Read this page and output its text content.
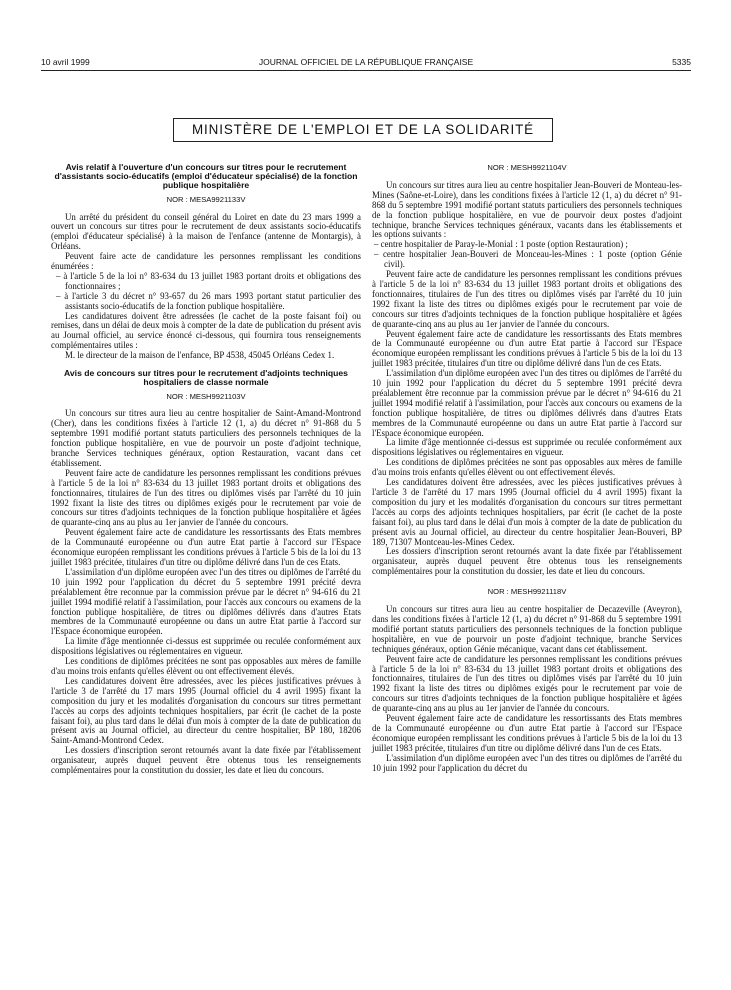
10 avril 1999	JOURNAL OFFICIEL DE LA RÉPUBLIQUE FRANÇAISE	5335
MINISTÈRE DE L'EMPLOI ET DE LA SOLIDARITÉ

Avis relatif à l'ouverture d'un concours sur titres pour le recrutement d'assistants socio-éducatifs (emploi d'éducateur spécialisé) de la fonction publique hospitalière

NOR : MESA9921133V

Un arrêté du président du conseil général du Loiret en date du 23 mars 1999 a ouvert un concours sur titres pour le recrutement de deux assistants socio-éducatifs (emploi d'éducateur spécialisé) à la maison de l'enfance (antenne de Montargis), à Orléans.

Peuvent faire acte de candidature les personnes remplissant les conditions énumérées :

– à l'article 5 de la loi n° 83-634 du 13 juillet 1983 portant droits et obligations des fonctionnaires ;

– à l'article 3 du décret n° 93-657 du 26 mars 1993 portant statut particulier des assistants socio-éducatifs de la fonction publique hospitalière.

Les candidatures doivent être adressées (le cachet de la poste faisant foi) ou remises, dans un délai de deux mois à compter de la date de publication du présent avis au Journal officiel, au service énoncé ci-dessous, qui fournira tous renseignements complémentaires utiles :

M. le directeur de la maison de l'enfance, BP 4538, 45045 Orléans Cedex 1.

Avis de concours sur titres pour le recrutement d'adjoints techniques hospitaliers de classe normale

NOR : MESH9921103V

Un concours sur titres aura lieu au centre hospitalier de Saint-Amand-Montrond (Cher), dans les conditions fixées à l'article 12 (1, a) du décret n° 91-868 du 5 septembre 1991 modifié portant statuts particuliers des personnels techniques de la fonction publique hospitalière, en vue de pourvoir un poste d'adjoint technique, branche Services techniques généraux, option Restauration, vacant dans cet établissement.

Peuvent faire acte de candidature les personnes remplissant les conditions prévues à l'article 5 de la loi n° 83-634 du 13 juillet 1983 portant droits et obligations des fonctionnaires, titulaires de l'un des titres ou diplômes visés par l'arrêté du 10 juin 1992 fixant la liste des titres ou diplômes exigés pour le recrutement par voie de concours sur titres d'adjoints techniques de la fonction publique hospitalière et âgées de quarante-cinq ans au plus au 1er janvier de l'année du concours.

Peuvent également faire acte de candidature les ressortissants des Etats membres de la Communauté européenne ou d'un autre Etat partie à l'accord sur l'Espace économique européen remplissant les conditions prévues à l'article 5 bis de la loi du 13 juillet 1983 précitée, titulaires d'un titre ou diplôme délivré dans l'un de ces Etats.

L'assimilation d'un diplôme européen avec l'un des titres ou diplômes de l'arrêté du 10 juin 1992 pour l'application du décret du 5 septembre 1991 précité devra préalablement être reconnue par la commission prévue par le décret n° 94-616 du 21 juillet 1994 modifié relatif à l'assimilation, pour l'accès aux concours ou examens de la fonction publique hospitalière, de titres ou diplômes délivrés dans d'autres Etats membres de la Communauté européenne ou dans un autre Etat partie à l'accord sur l'Espace économique européen.

La limite d'âge mentionnée ci-dessus est supprimée ou reculée conformément aux dispositions législatives ou réglementaires en vigueur.

Les conditions de diplômes précitées ne sont pas opposables aux mères de famille d'au moins trois enfants qu'elles élèvent ou ont effectivement élevés.

Les candidatures doivent être adressées, avec les pièces justificatives prévues à l'article 3 de l'arrêté du 17 mars 1995 (Journal officiel du 4 avril 1995) fixant la composition du jury et les modalités d'organisation du concours sur titres permettant l'accès au corps des adjoints techniques hospitaliers, par écrit (le cachet de la poste faisant foi), au plus tard dans le délai d'un mois à compter de la date de publication du présent avis au Journal officiel, au directeur du centre hospitalier, BP 180, 18206 Saint-Amand-Montrond Cedex.

Les dossiers d'inscription seront retournés avant la date fixée par l'établissement organisateur, auprès duquel peuvent être obtenus tous les renseignements complémentaires pour la constitution du dossier, les date et lieu du concours.

NOR : MESH9921104V

Un concours sur titres aura lieu au centre hospitalier Jean-Bouveri de Monteau-les-Mines (Saône-et-Loire), dans les conditions fixées à l'article 12 (1, a) du décret n° 91-868 du 5 septembre 1991 modifié portant statuts particuliers des personnels techniques de la fonction publique hospitalière, en vue de pourvoir deux postes d'adjoint technique, branche Services techniques généraux, vacants dans les établissements et les options suivants :

– centre hospitalier de Paray-le-Monial : 1 poste (option Restauration) ;

– centre hospitalier Jean-Bouveri de Monceau-les-Mines : 1 poste (option Génie civil).

Peuvent faire acte de candidature les personnes remplissant les conditions prévues à l'article 5 de la loi n° 83-634 du 13 juillet 1983 portant droits et obligations des fonctionnaires, titulaires de l'un des titres ou diplômes visés par l'arrêté du 10 juin 1992 fixant la liste des titres ou diplômes exigés pour le recrutement par voie de concours sur titres d'adjoints techniques de la fonction publique hospitalière et âgées de quarante-cinq ans au plus au 1er janvier de l'année du concours.

Peuvent également faire acte de candidature les ressortissants des Etats membres de la Communauté européenne ou d'un autre Etat partie à l'accord sur l'Espace économique européen remplissant les conditions prévues à l'article 5 bis de la loi du 13 juillet 1983 précitée, titulaires d'un titre ou diplôme délivré dans l'un de ces Etats.

L'assimilation d'un diplôme européen avec l'un des titres ou diplômes de l'arrêté du 10 juin 1992 pour l'application du décret du 5 septembre 1991 précité devra préalablement être reconnue par la commission prévue par le décret n° 94-616 du 21 juillet 1994 modifié relatif à l'assimilation, pour l'accès aux concours ou examens de la fonction publique hospitalière, de titres ou diplômes délivrés dans d'autres Etats membres de la Communauté européenne ou dans un autre Etat partie à l'accord sur l'Espace économique européen.

La limite d'âge mentionnée ci-dessus est supprimée ou reculée conformément aux dispositions législatives ou réglementaires en vigueur.

Les conditions de diplômes précitées ne sont pas opposables aux mères de famille d'au moins trois enfants qu'elles élèvent ou ont effectivement élevés.

Les candidatures doivent être adressées, avec les pièces justificatives prévues à l'article 3 de l'arrêté du 17 mars 1995 (Journal officiel du 4 avril 1995) fixant la composition du jury et les modalités d'organisation du concours sur titres permettant l'accès au corps des adjoints techniques hospitaliers, par écrit (le cachet de la poste faisant foi), au plus tard dans le délai d'un mois à compter de la date de publication du présent avis au Journal officiel, au directeur du centre hospitalier Jean-Bouveri, BP 189, 71307 Montceau-les-Mines Cedex.

Les dossiers d'inscription seront retournés avant la date fixée par l'établissement organisateur, auprès duquel peuvent être obtenus tous les renseignements complémentaires pour la constitution du dossier, les date et lieu du concours.

NOR : MESH9921118V

Un concours sur titres aura lieu au centre hospitalier de Decazeville (Aveyron), dans les conditions fixées à l'article 12 (1, a) du décret n° 91-868 du 5 septembre 1991 modifié portant statuts particuliers des personnels techniques de la fonction publique hospitalière, en vue de pourvoir un poste d'adjoint technique, branche Services techniques généraux, option Génie mécanique, vacant dans cet établissement.

Peuvent faire acte de candidature les personnes remplissant les conditions prévues à l'article 5 de la loi n° 83-634 du 13 juillet 1983 portant droits et obligations des fonctionnaires, titulaires de l'un des titres ou diplômes visés par l'arrêté du 10 juin 1992 fixant la liste des titres ou diplômes exigés pour le recrutement par voie de concours sur titres d'adjoints techniques de la fonction publique hospitalière et âgées de quarante-cinq ans au plus au 1er janvier de l'année du concours.

Peuvent également faire acte de candidature les ressortissants des Etats membres de la Communauté européenne ou d'un autre Etat partie à l'accord sur l'Espace économique européen remplissant les conditions prévues à l'article 5 bis de la loi du 13 juillet 1983 précitée, titulaires d'un titre ou diplôme délivré dans l'un de ces Etats.

L'assimilation d'un diplôme européen avec l'un des titres ou diplômes de l'arrêté du 10 juin 1992 pour l'application du décret du
